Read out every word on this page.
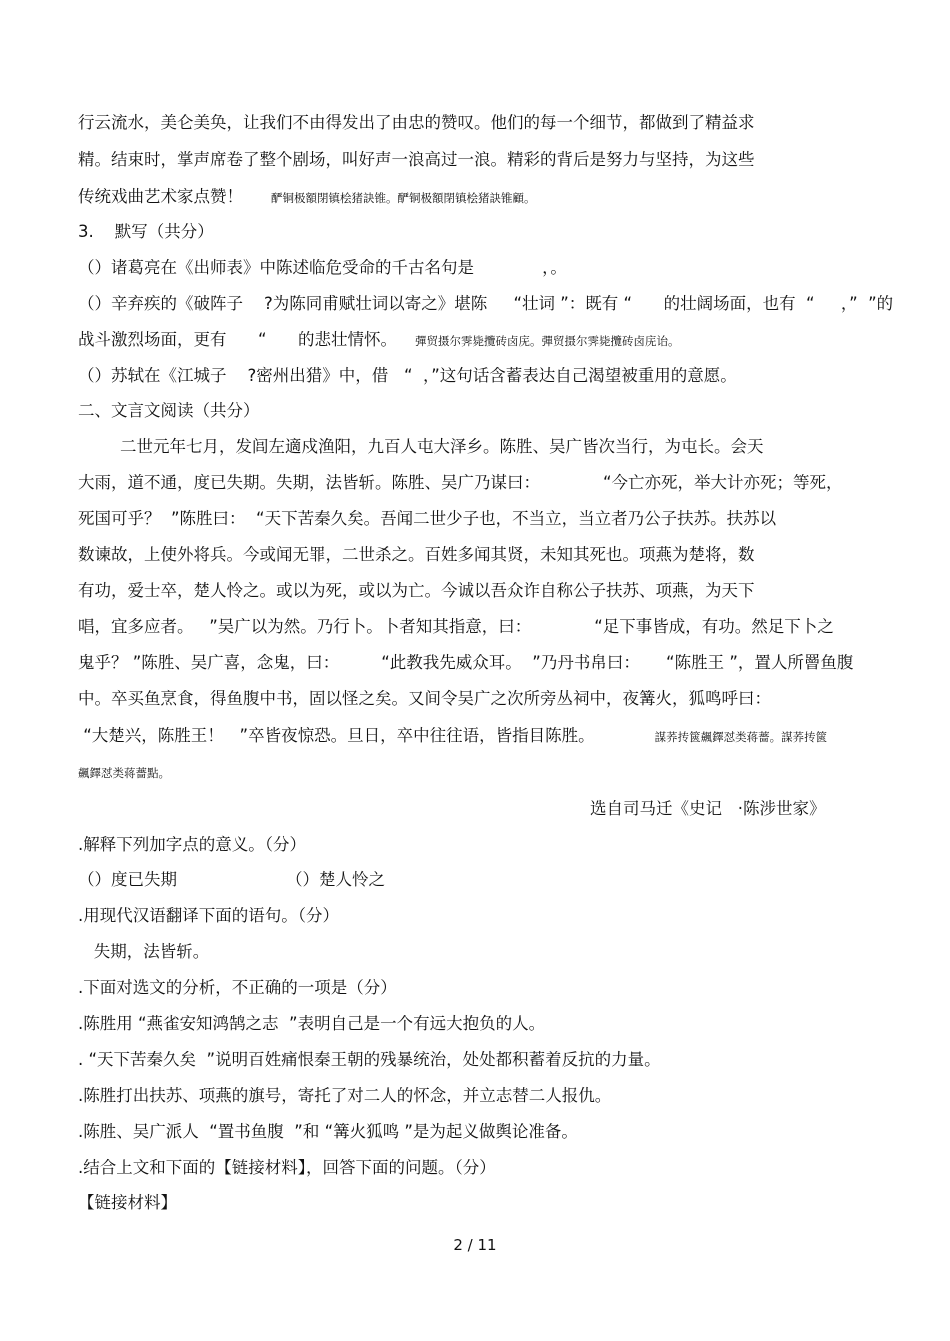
行云流水，美仑美奂，让我们不由得发出了由忠的赞叹。他们的每一个细节，都做到了精益求
精。结束时，掌声席卷了整个剧场，叫好声一浪高过一浪。精彩的背后是努力与坚持，为这些
传统戏曲艺术家点赞！ 酽铜极額閉镇桧猪訣锥。酽铜极額閉镇桧猪訣锥顧。
3.    默写（共分）
（）诸葛亮在《出师表》中陈述临危受命的千古名句是             ，。
（）辛弃疾的《破阵子    ?为陈同甫赋壮词以寄之》堪陈     “壮词 ”：既有 “      的壮阔场面，也有  “     ，”  ”的
战斗激烈场面，更有      “      的悲壮情怀。 彈贸摄尔霁毙攬砖卤庑。彈贸摄尔霁毙攬砖卤庑诒。
（）苏轼在《江城子    ?密州出猎》中，借   “  ，”这句话含蓄表达自己渴望被重用的意愿。
二、文言文阅读（共分）
二世元年七月，发闾左適戍渔阳，九百人屯大泽乡。陈胜、吴广皆次当行，为屯长。会天
大雨，道不通，度已失期。失期，法皆斩。陈胜、吴广乃谋曰：            “今亡亦死，举大计亦死；等死，
死国可乎？  ”陈胜曰：  “天下苦秦久矣。吾闻二世少子也，不当立，当立者乃公子扶苏。扶苏以
数谏故，上使外将兵。今或闻无罪，二世杀之。百姓多闻其贤，未知其死也。项燕为楚将，数
有功，爱士卒，楚人怜之。或以为死，或以为亡。今诚以吾众诈自称公子扶苏、项燕，为天下
唱，宜多应者。   ”吴广以为然。乃行卜。卜者知其指意，曰：            “足下事皆成，有功。然足下卜之
鬼乎？ ”陈胜、吴广喜，念鬼，曰：        “此教我先威众耳。  ”乃丹书帛曰：     “陈胜王 ”，置人所罾鱼腹
中。卒买鱼烹食，得鱼腹中书，固以怪之矣。又间令吴广之次所旁丛祠中，夜篝火，狐鸣呼曰：
“大楚兴，陈胜王！   ”卒皆夜惊恐。旦日，卒中往往语，皆指目陈胜。	謀荞抟篋飆鐸怼类蒋薔。謀荞抟篋
飆鐸怼类蒋薔點。
选自司马迁《史记   ·陈涉世家》
.解释下列加字点的意义。（分）
（）度已失期	（）楚人怜之
.用现代汉语翻译下面的语句。（分）
失期，法皆斩。
.下面对选文的分析，不正确的一项是（分）
.陈胜用 “燕雀安知鸿鹄之志  ”表明自己是一个有远大抱负的人。
. “天下苦秦久矣  ”说明百姓痛恨秦王朝的残暴统治，处处都积蓄着反抗的力量。
.陈胜打出扶苏、项燕的旗号，寄托了对二人的怀念，并立志替二人报仇。
.陈胜、吴广派人  “置书鱼腹  ”和 “篝火狐鸣 ”是为起义做舆论准备。
.结合上文和下面的【链接材料】，回答下面的问题。（分）
【链接材料】
2 / 11
